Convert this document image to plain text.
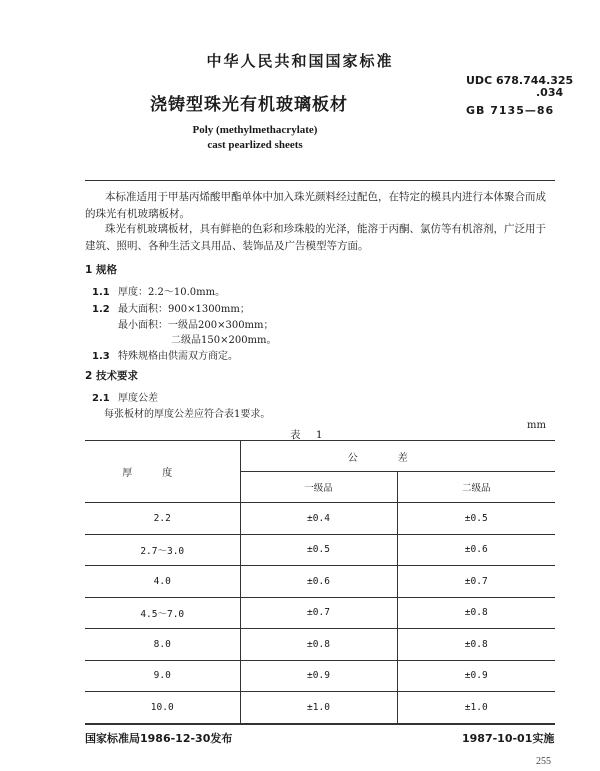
中华人民共和国国家标准
UDC 678.744.325
.034
浇铸型珠光有机玻璃板材	GB 7135—86
Poly (methylmethacrylate)
cast pearlized sheets
本标准适用于甲基丙烯酸甲酯单体中加入珠光颜料经过配色，在特定的模具内进行本体聚合而成的珠光有机玻璃板材。
珠光有机玻璃板材，具有鲜艳的色彩和珍珠般的光泽，能溶于丙酮、氯仿等有机溶剂，广泛用于建筑、照明、各种生活文具用品、装饰品及广告模型等方面。
1 规格
1.1 厚度：2.2～10.0mm。
1.2 最大面积：900×1300mm；
最小面积：一级品200×300mm；
二级品150×200mm。
1.3 特殊规格由供需双方商定。
2 技术要求
2.1 厚度公差
每张板材的厚度公差应符合表1要求。
表 1
mm
厚度	公差	
	一级品	二级品
2.2	±0.4	±0.5
2.7～3.0	±0.5	±0.6
4.0	±0.6	±0.7
4.5～7.0	±0.7	±0.8
8.0	±0.8	±0.8
9.0	±0.9	±0.9
10.0	±1.0	±1.0
国家标准局1986-12-30发布	1987-10-01实施
255
